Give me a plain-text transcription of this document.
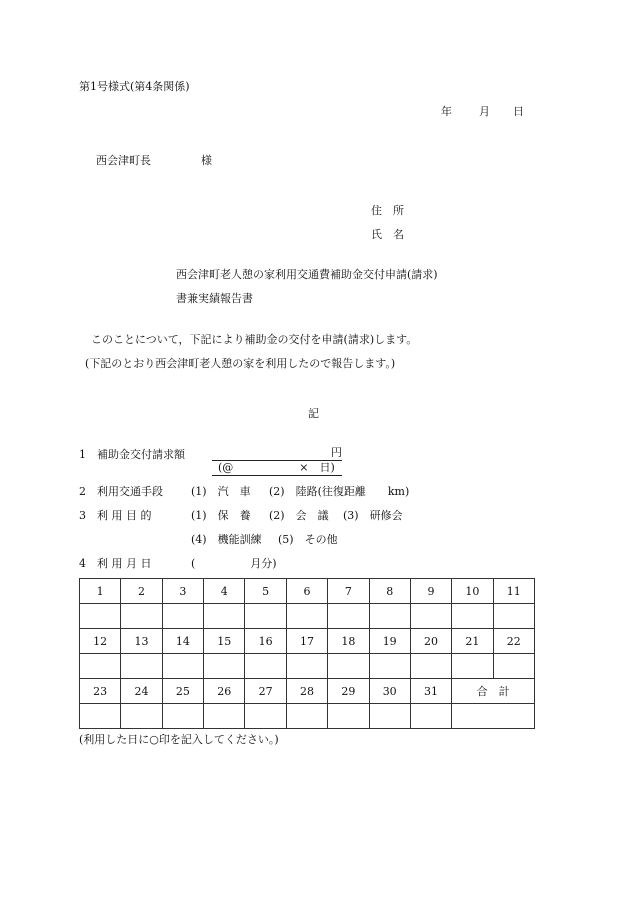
第1号様式(第4条関係)
年 月 日
西会津町長	様
住　所
氏　名
西会津町老人憩の家利用交通費補助金交付申請(請求)
書兼実績報告書
このことについて，下記により補助金の交付を申請(請求)します。
(下記のとおり西会津町老人憩の家を利用したので報告します。)
記
1 補助金交付請求額	円
(@　　　　　　×　日)
2 利用交通手段	(1)　汽　車 (2)　陸路(往復距離　　km)
3 利 用 目 的	(1)　保　養 (2)　会　議 (3)　研修会
(4)　機能訓練 (5)　その他
4 利 用 月 日	(　　　　　月分)
1	2	3	4	5	6	7	8	9	10	11

12	13	14	15	16	17	18	19	20	21	22

23	24	25	26	27	28	29	30	31	合　計	

(利用した日に○印を記入してください。)
